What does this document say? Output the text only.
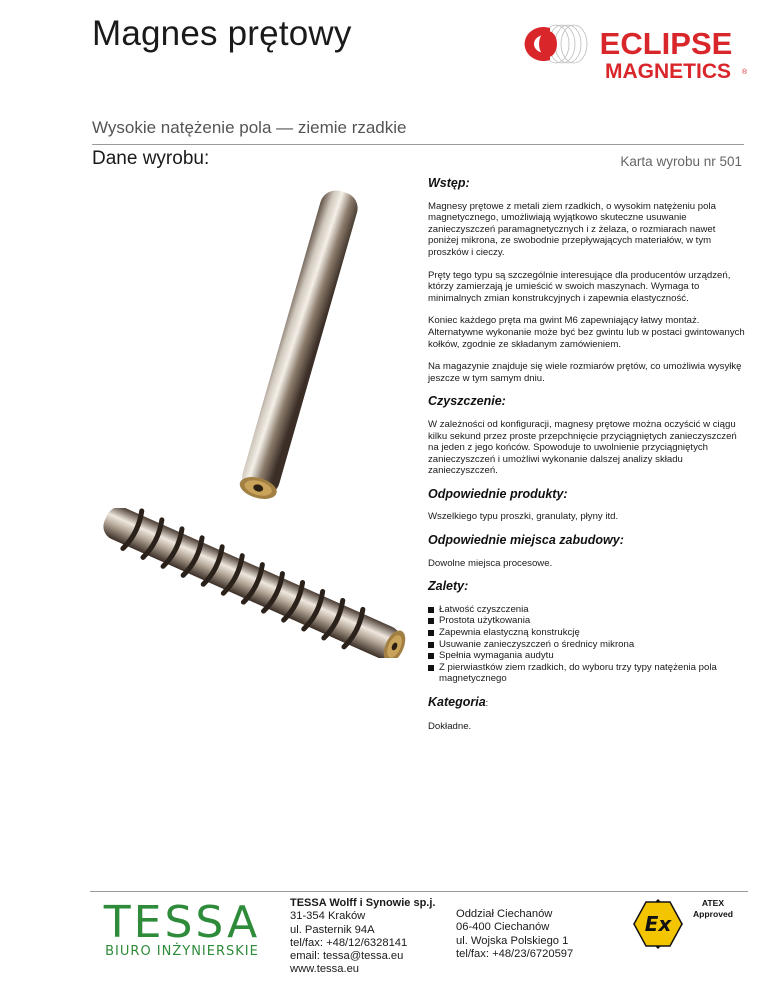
Magnes prętowy	ECLIPSE
MAGNETICS ®
Wysokie natężenie pola — ziemie rzadkie
Dane wyrobu:	Karta wyrobu nr 501
Wstęp:

Magnesy prętowe z metali ziem rzadkich, o wysokim natężeniu pola magnetycznego, umożliwiają wyjątkowo skuteczne usuwanie zanieczyszczeń paramagnetycznych i z żelaza, o rozmiarach nawet poniżej mikrona, ze swobodnie przepływających materiałów, w tym proszków i cieczy.

Pręty tego typu są szczególnie interesujące dla producentów urządzeń, którzy zamierzają je umieścić w swoich maszynach. Wymaga to minimalnych zmian konstrukcyjnych i zapewnia elastyczność.

Koniec każdego pręta ma gwint M6 zapewniający łatwy montaż. Alternatywne wykonanie może być bez gwintu lub w postaci gwintowanych kołków, zgodnie ze składanym zamówieniem.

Na magazynie znajduje się wiele rozmiarów prętów, co umożliwia wysyłkę jeszcze w tym samym dniu.

Czyszczenie:

W zależności od konfiguracji, magnesy prętowe można oczyścić w ciągu kilku sekund przez proste przepchnięcie przyciągniętych zanieczyszczeń na jeden z jego końców. Spowoduje to uwolnienie przyciągniętych zanieczyszczeń i umożliwi wykonanie dalszej analizy składu zanieczyszczeń.

Odpowiednie produkty:

Wszelkiego typu proszki, granulaty, płyny itd.

Odpowiednie miejsca zabudowy:

Dowolne miejsca procesowe.

Zalety:
Łatwość czyszczenia
Prostota użytkowania
Zapewnia elastyczną konstrukcję
Usuwanie zanieczyszczeń o średnicy mikrona
Spełnia wymagania audytu
Z pierwiastków ziem rzadkich, do wyboru trzy typy natężenia pola magnetycznego
Kategoria:

Dokładne.

TESSA
BIURO INŻYNIERSKIE
TESSA Wolff i Synowie sp.j.
31-354 Kraków
ul. Pasternik 94A
tel/fax: +48/12/6328141
email: tessa@tessa.eu
www.tessa.eu
Oddział Ciechanów
06-400 Ciechanów
ul. Wojska Polskiego 1
tel/fax: +48/23/6720597
Ex
ATEX
Approved
